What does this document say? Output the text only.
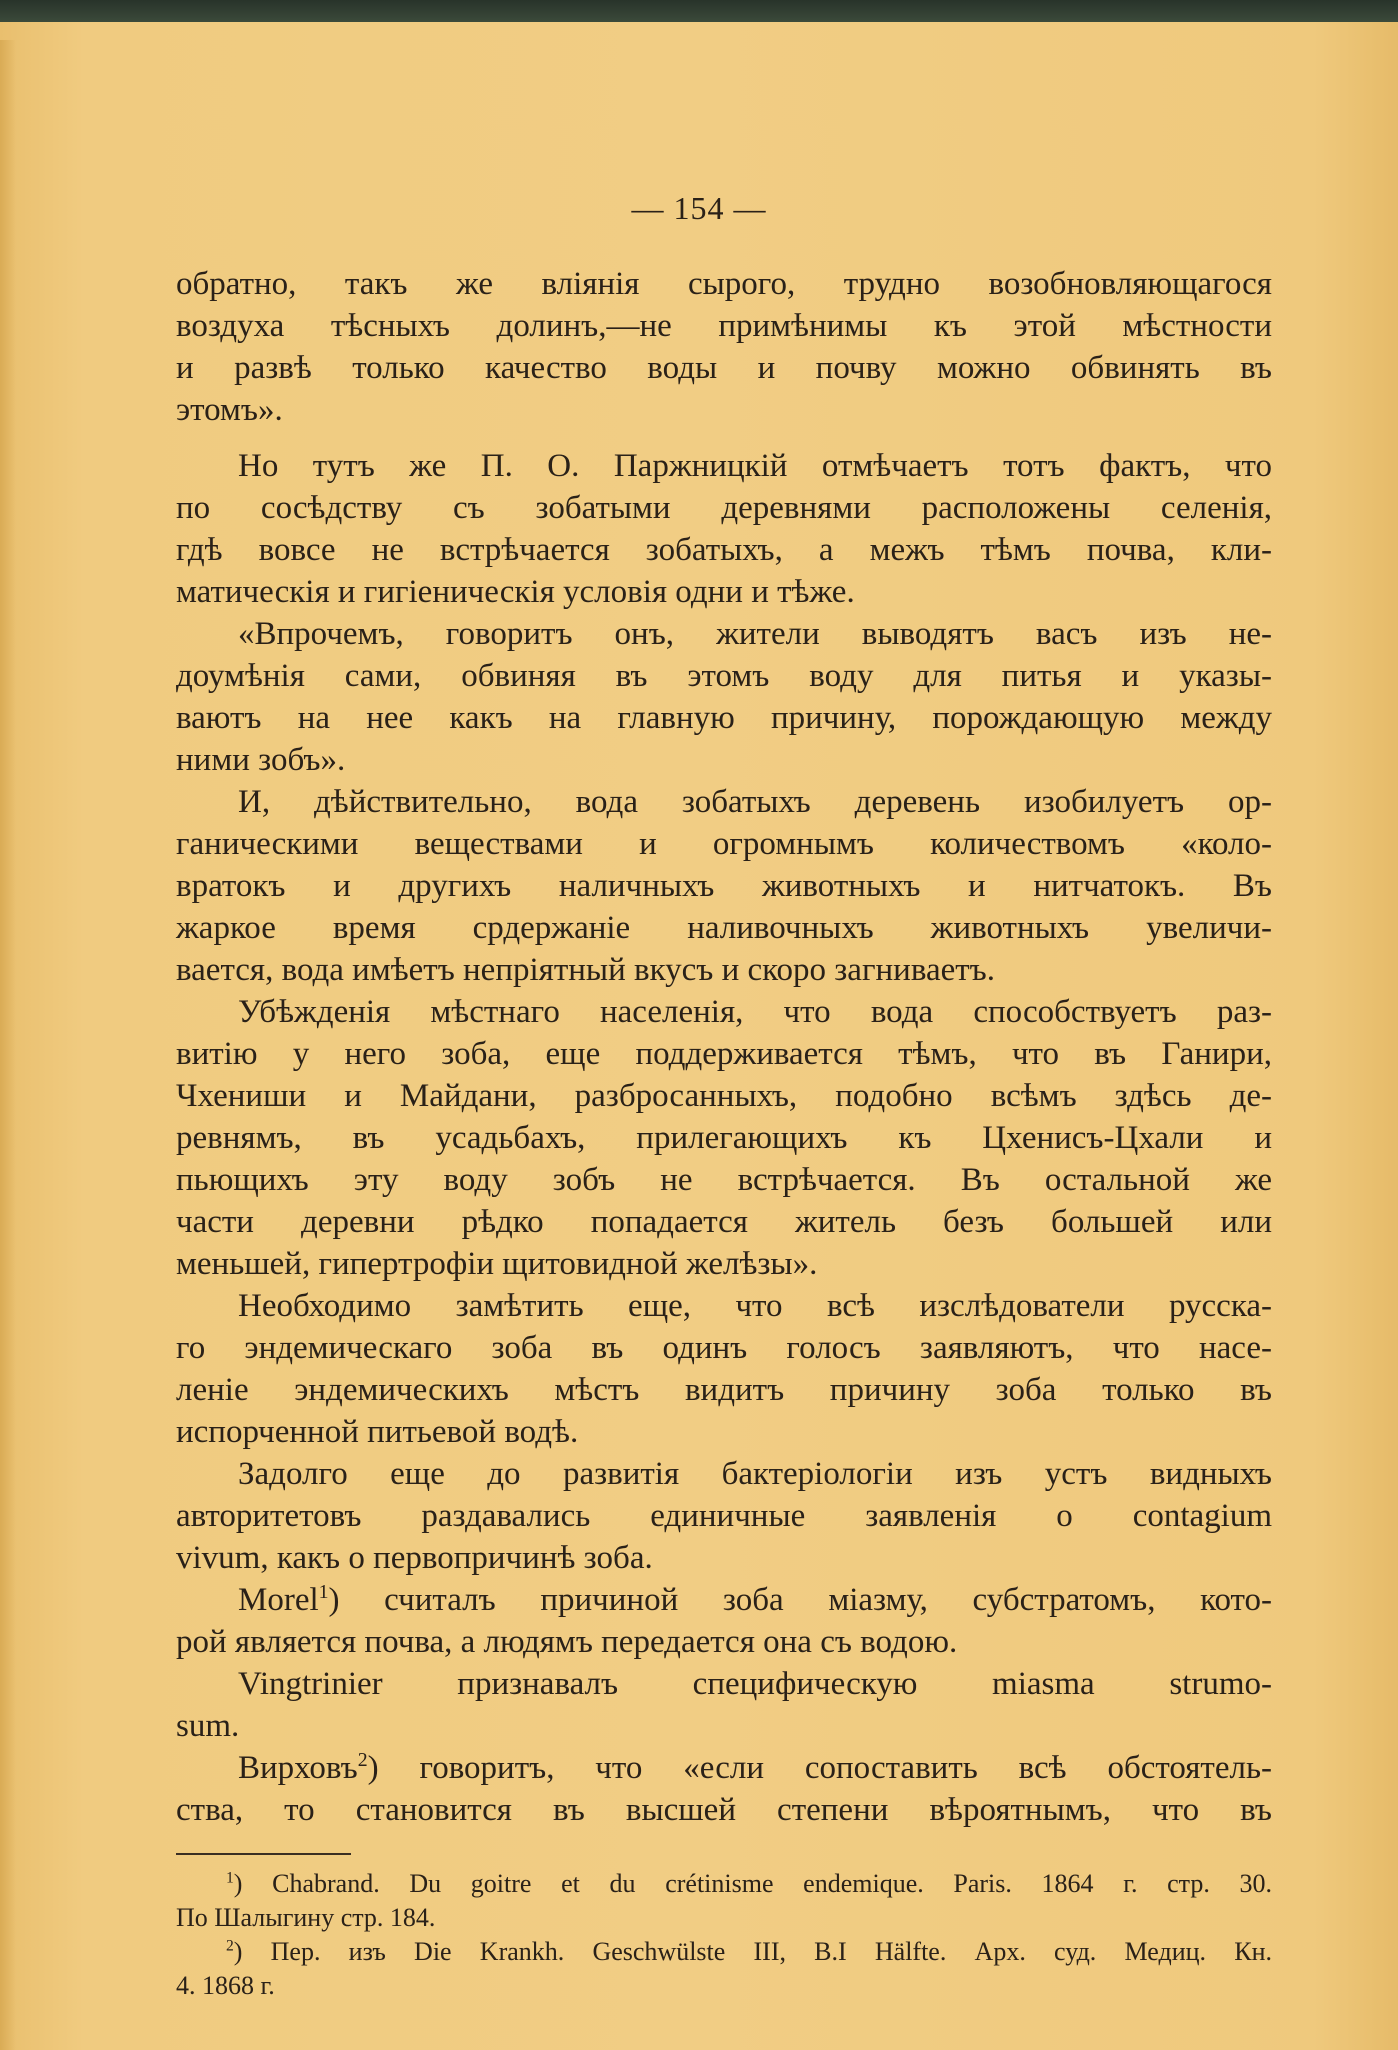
— 154 —
обратно, такъ же вліянія сырого, трудно возобновляющагося
воздуха тѣсныхъ долинъ,—не примѣнимы къ этой мѣстности
и развѣ только качество воды и почву можно обвинять въ
этомъ».
Но тутъ же П. О. Паржницкій отмѣчаетъ тотъ фактъ, что
по сосѣдству съ зобатыми деревнями расположены селенія,
гдѣ вовсе не встрѣчается зобатыхъ, а межъ тѣмъ почва, кли-
матическія и гигіеническія условія одни и тѣже.
«Впрочемъ, говоритъ онъ, жители выводятъ васъ изъ не-
доумѣнія сами, обвиняя въ этомъ воду для питья и указы-
ваютъ на нее какъ на главную причину, порождающую между
ними зобъ».
И, дѣйствительно, вода зобатыхъ деревень изобилуетъ ор-
ганическими веществами и огромнымъ количествомъ «коло-
вратокъ и другихъ наличныхъ животныхъ и нитчатокъ. Въ
жаркое время срдержаніе наливочныхъ животныхъ увеличи-
вается, вода имѣетъ непріятный вкусъ и скоро загниваетъ.
Убѣжденія мѣстнаго населенія, что вода способствуетъ раз-
витію у него зоба, еще поддерживается тѣмъ, что въ Ганири,
Чхениши и Майдани, разбросанныхъ, подобно всѣмъ здѣсь де-
ревнямъ, въ усадьбахъ, прилегающихъ къ Цхенисъ-Цхали и
пьющихъ эту воду зобъ не встрѣчается. Въ остальной же
части деревни рѣдко попадается житель безъ большей или
меньшей, гипертрофіи щитовидной желѣзы».
Необходимо замѣтить еще, что всѣ изслѣдователи русска-
го эндемическаго зоба въ одинъ голосъ заявляютъ, что насе-
леніе эндемическихъ мѣстъ видитъ причину зоба только въ
испорченной питьевой водѣ.
Задолго еще до развитія бактеріологіи изъ устъ видныхъ
авторитетовъ раздавались единичные заявленія о contagium
vivum, какъ о первопричинѣ зоба.
Morel$^1$) считалъ причиной зоба міазму, субстратомъ, кото-
рой является почва, а людямъ передается она съ водою.
Vingtrinier признавалъ специфическую miasma strumo-
sum.
Вирховъ$^2$) говоритъ, что «если сопоставить всѣ обстоятель-
ства, то становится въ высшей степени вѣроятнымъ, что въ
$^1$) Chabrand. Du goitre et du crétinisme endemique. Paris. 1864 г. стр. 30.
По Шалыгину стр. 184.
$^2$) Пер. изъ Die Krankh. Geschwülste III, B.I Hälfte. Арх. суд. Медиц. Кн.
4. 1868 г.
